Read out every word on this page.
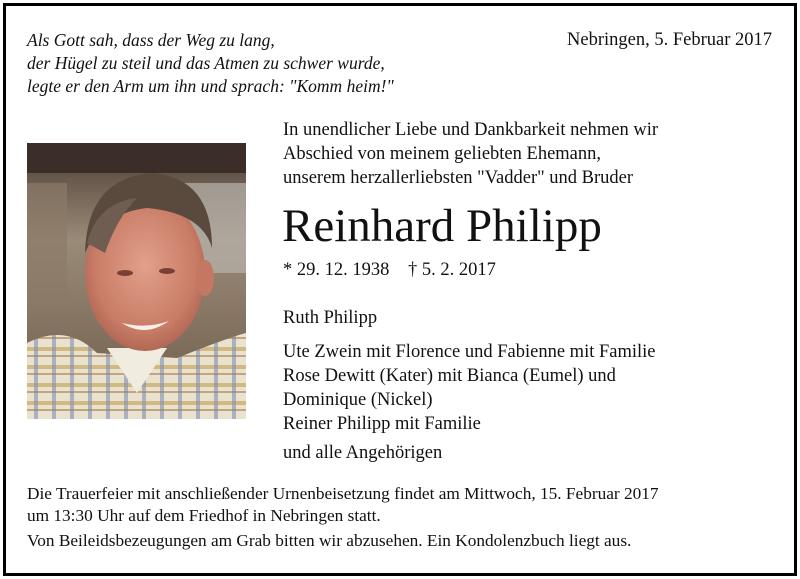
Als Gott sah, dass der Weg zu lang,
der Hügel zu steil und das Atmen zu schwer wurde,
legte er den Arm um ihn und sprach: "Komm heim!"
Nebringen, 5. Februar 2017
In unendlicher Liebe und Dankbarkeit nehmen wir
Abschied von meinem geliebten Ehemann,
unserem herzallerliebsten "Vadder" und Bruder
Reinhard Philipp
* 29. 12. 1938 † 5. 2. 2017
Ruth Philipp
Ute Zwein mit Florence und Fabienne mit Familie
Rose Dewitt (Kater) mit Bianca (Eumel) und
Dominique (Nickel)
Reiner Philipp mit Familie
und alle Angehörigen
Die Trauerfeier mit anschließender Urnenbeisetzung findet am Mittwoch, 15. Februar 2017
um 13:30 Uhr auf dem Friedhof in Nebringen statt.
Von Beileidsbezeugungen am Grab bitten wir abzusehen. Ein Kondolenzbuch liegt aus.
